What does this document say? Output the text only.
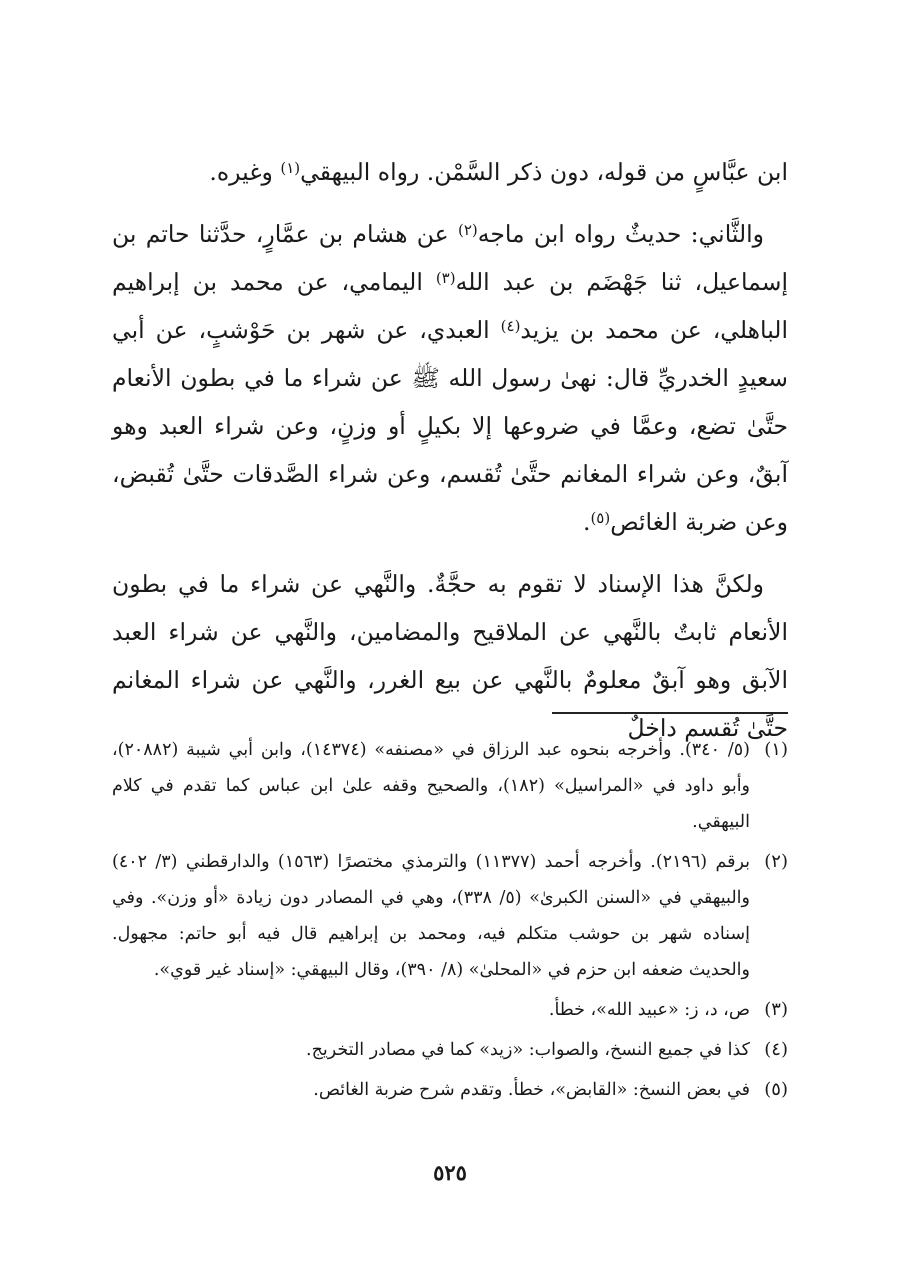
ابن عبَّاسٍ من قوله، دون ذكر السَّمْن. رواه البيهقي$^{(١)}$ وغيره.

والثَّاني: حديثٌ رواه ابن ماجه$^{(٢)}$ عن هشام بن عمَّارٍ، حدَّثنا حاتم بن إسماعيل، ثنا جَهْضَم بن عبد الله$^{(٣)}$ اليمامي، عن محمد بن إبراهيم الباهلي، عن محمد بن يزيد$^{(٤)}$ العبدي، عن شهر بن حَوْشبٍ، عن أبي سعيدٍ الخدريِّ قال: نهىٰ رسول الله ﷺ عن شراء ما في بطون الأنعام حتَّىٰ تضع، وعمَّا في ضروعها إلا بكيلٍ أو وزنٍ، وعن شراء العبد وهو آبقٌ، وعن شراء المغانم حتَّىٰ تُقسم، وعن شراء الصَّدقات حتَّىٰ تُقبض، وعن ضربة الغائص$^{(٥)}$.

ولكنَّ هذا الإسناد لا تقوم به حجَّةٌ. والنَّهي عن شراء ما في بطون الأنعام ثابتٌ بالنَّهي عن الملاقيح والمضامين، والنَّهي عن شراء العبد الآبق وهو آبقٌ معلومٌ بالنَّهي عن بيع الغرر، والنَّهي عن شراء المغانم حتَّىٰ تُقسم داخلٌ

(١)
(٥/ ٣٤٠). وأخرجه بنحوه عبد الرزاق في «مصنفه» (١٤٣٧٤)، وابن أبي شيبة (٢٠٨٨٢)، وأبو داود في «المراسيل» (١٨٢)، والصحيح وقفه علىٰ ابن عباس كما تقدم في كلام البيهقي.
(٢)
برقم (٢١٩٦). وأخرجه أحمد (١١٣٧٧) والترمذي مختصرًا (١٥٦٣) والدارقطني (٣/ ٤٠٢) والبيهقي في «السنن الكبرىٰ» (٥/ ٣٣٨)، وهي في المصادر دون زيادة «أو وزن». وفي إسناده شهر بن حوشب متكلم فيه، ومحمد بن إبراهيم قال فيه أبو حاتم: مجهول. والحديث ضعفه ابن حزم في «المحلىٰ» (٨/ ٣٩٠)، وقال البيهقي: «إسناد غير قوي».
(٣)
ص، د، ز: «عبيد الله»، خطأ.
(٤)
كذا في جميع النسخ، والصواب: «زيد» كما في مصادر التخريج.
(٥)
في بعض النسخ: «القابض»، خطأ. وتقدم شرح ضربة الغائص.
٥٢٥
